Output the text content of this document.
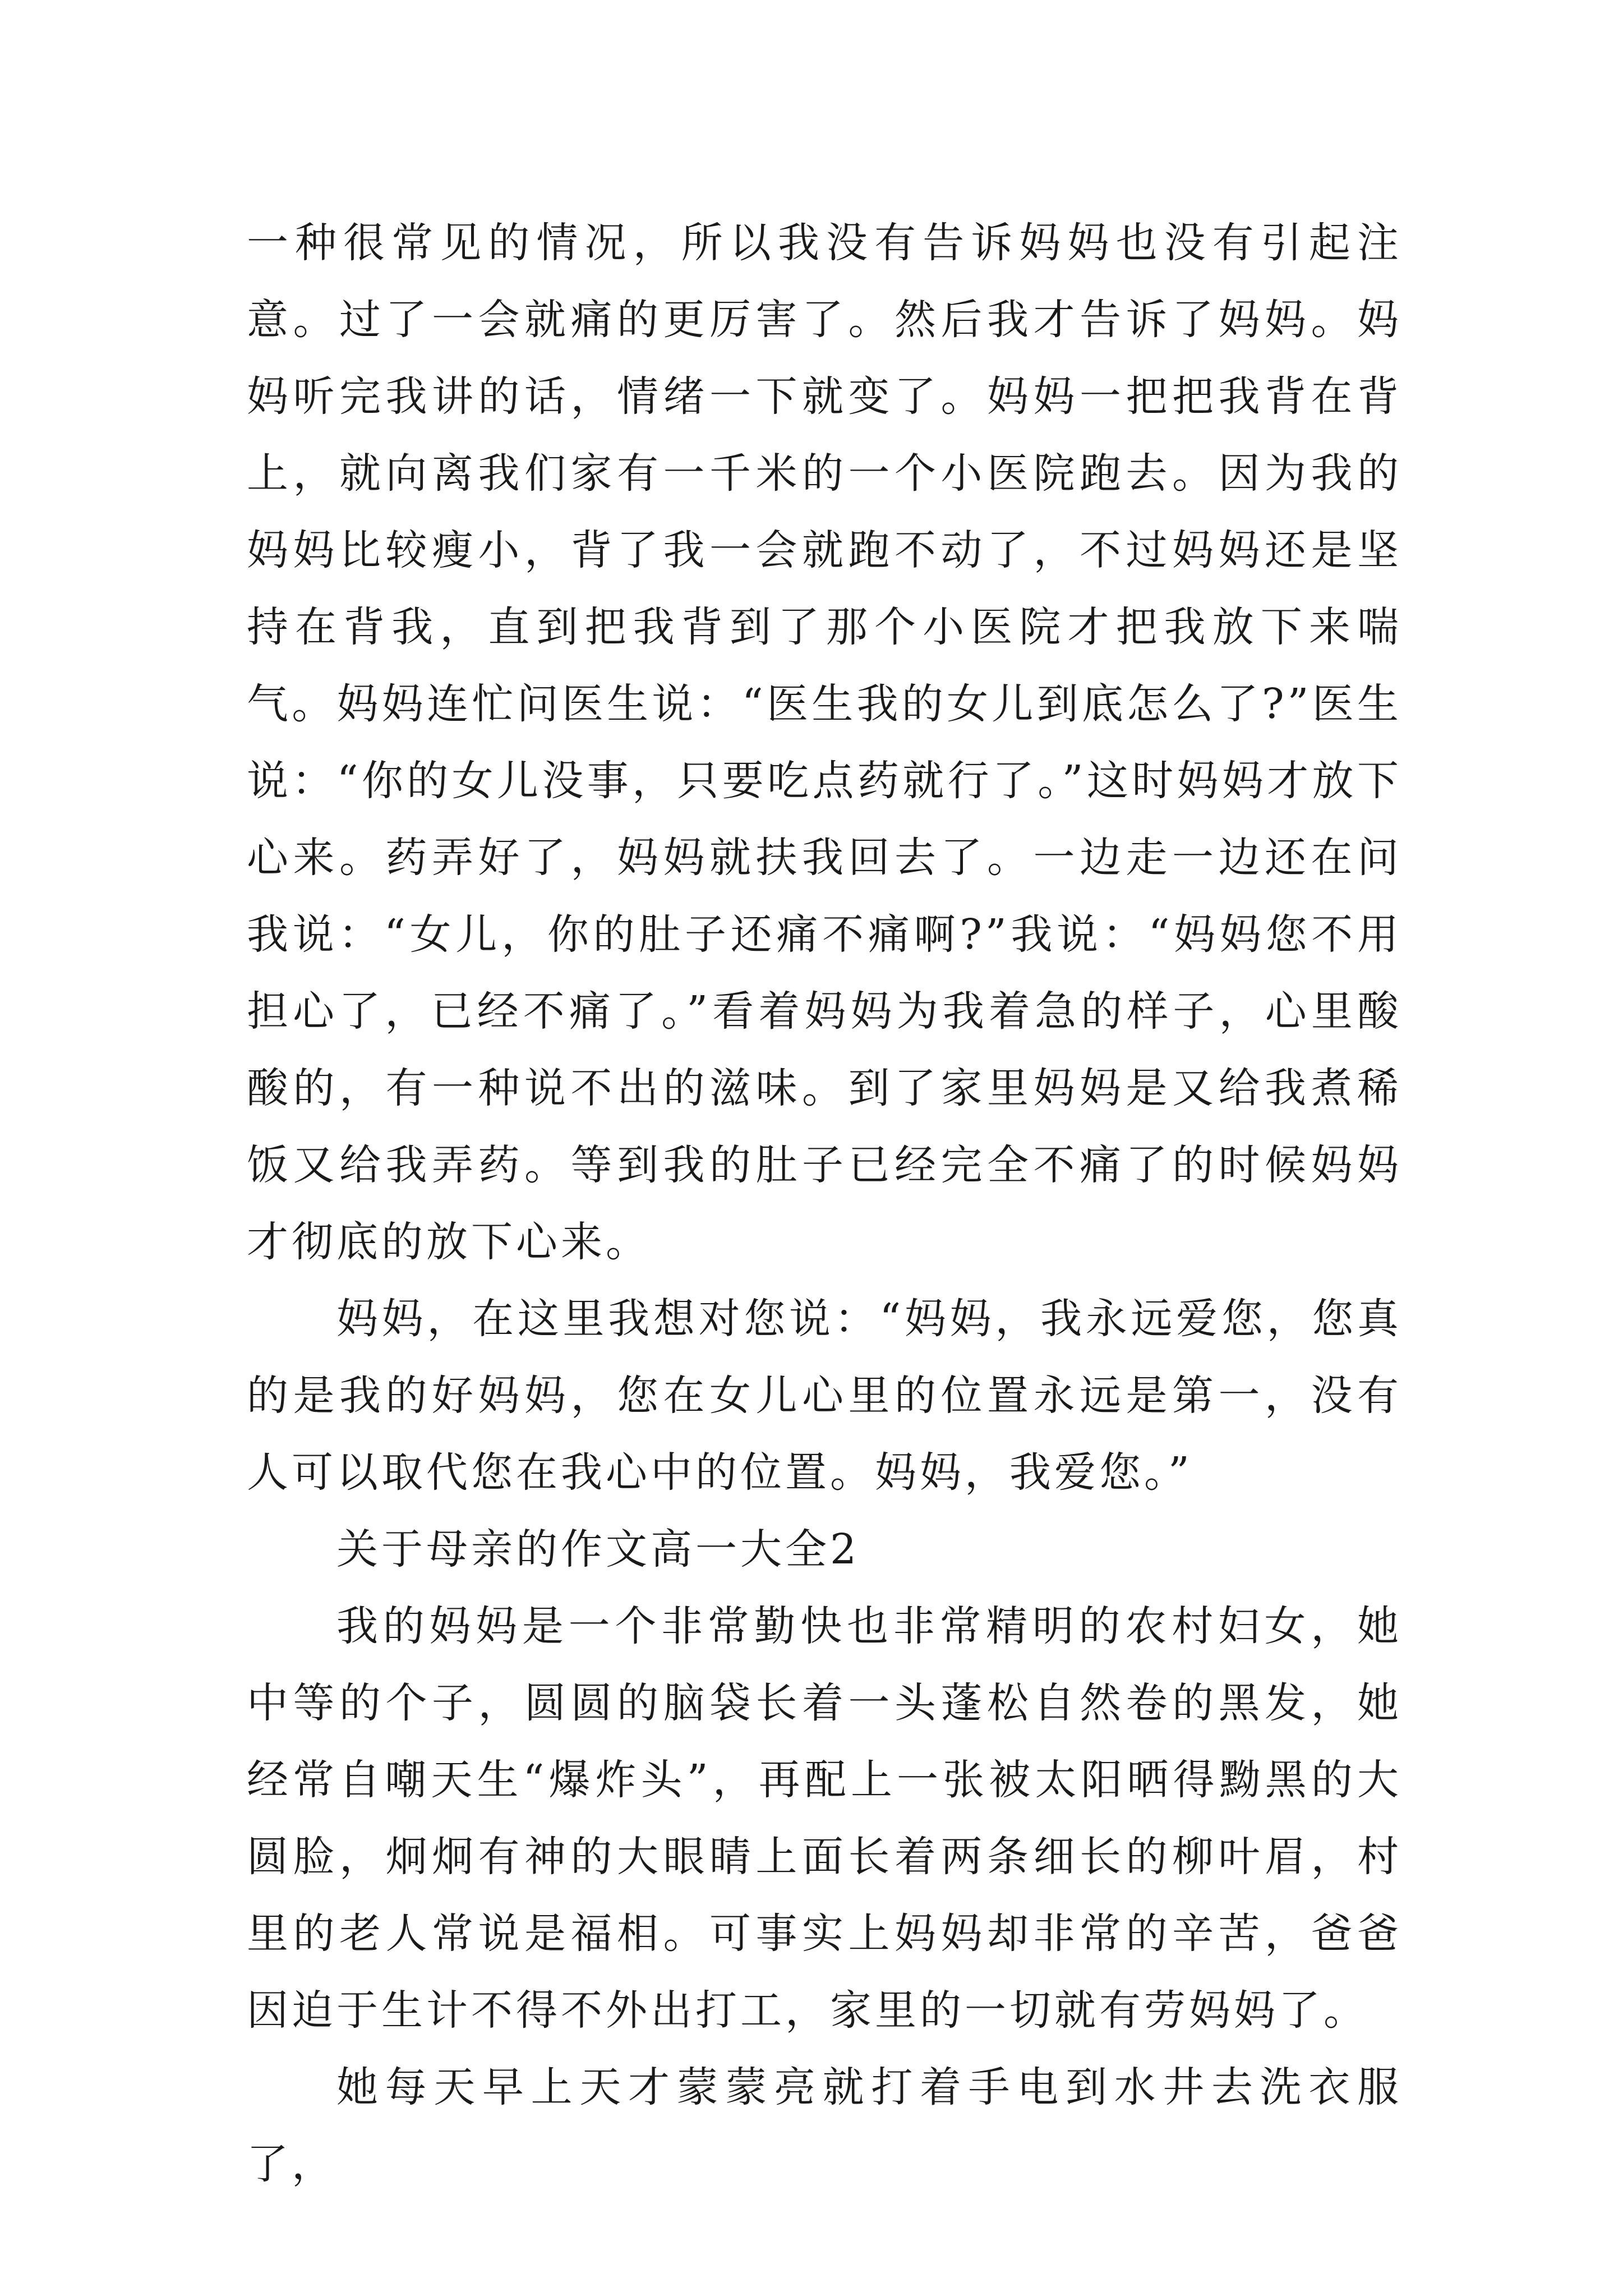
一种很常见的情况，所以我没有告诉妈妈也没有引起注意。过了一会就痛的更厉害了。然后我才告诉了妈妈。妈妈听完我讲的话，情绪一下就变了。妈妈一把把我背在背上，就向离我们家有一千米的一个小医院跑去。因为我的妈妈比较瘦小，背了我一会就跑不动了，不过妈妈还是坚持在背我，直到把我背到了那个小医院才把我放下来喘气。妈妈连忙问医生说：“医生我的女儿到底怎么了?”医生说：“你的女儿没事，只要吃点药就行了。”这时妈妈才放下心来。药弄好了，妈妈就扶我回去了。一边走一边还在问我说：“女儿，你的肚子还痛不痛啊?”我说：“妈妈您不用担心了，已经不痛了。”看着妈妈为我着急的样子，心里酸酸的，有一种说不出的滋味。到了家里妈妈是又给我煮稀饭又给我弄药。等到我的肚子已经完全不痛了的时候妈妈才彻底的放下心来。

妈妈，在这里我想对您说：“妈妈，我永远爱您，您真的是我的好妈妈，您在女儿心里的位置永远是第一，没有人可以取代您在我心中的位置。妈妈，我爱您。”

关于母亲的作文高一大全2

我的妈妈是一个非常勤快也非常精明的农村妇女，她中等的个子，圆圆的脑袋长着一头蓬松自然卷的黑发，她经常自嘲天生“爆炸头”，再配上一张被太阳晒得黝黑的大圆脸，炯炯有神的大眼睛上面长着两条细长的柳叶眉，村里的老人常说是福相。可事实上妈妈却非常的辛苦，爸爸因迫于生计不得不外出打工，家里的一切就有劳妈妈了。

她每天早上天才蒙蒙亮就打着手电到水井去洗衣服了，
